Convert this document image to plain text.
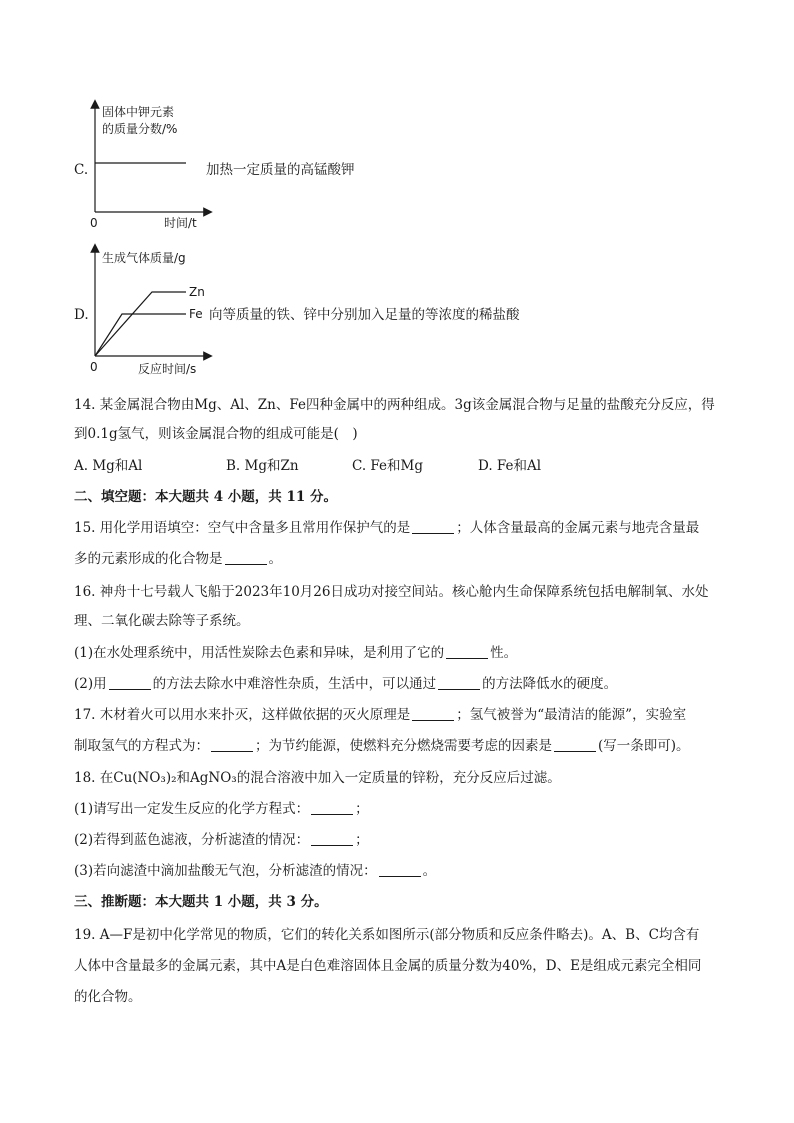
C.
固体中钾元素
的质量分数/%
0	时间/t
加热一定质量的高锰酸钾
D.
生成气体质量/g
Zn
Fe
0	反应时间/s
向等质量的铁、锌中分别加入足量的等浓度的稀盐酸
14. 某金属混合物由Mg、Al、Zn、Fe四种金属中的两种组成。3g该金属混合物与足量的盐酸充分反应，得
到0.1g氢气，则该金属混合物的组成可能是(　)
A. Mg和Al	B. Mg和Zn	C. Fe和Mg	D. Fe和Al
二、填空题：本大题共 4 小题，共 11 分。
15. 用化学用语填空：空气中含量多且常用作保护气的是	；人体含量最高的金属元素与地壳含量最
多的元素形成的化合物是	。
16. 神舟十七号载人飞船于2023年10月26日成功对接空间站。核心舱内生命保障系统包括电解制氧、水处
理、二氧化碳去除等子系统。
(1)在水处理系统中，用活性炭除去色素和异味，是利用了它的	性。
(2)用	的方法去除水中难溶性杂质，生活中，可以通过	的方法降低水的硬度。
17. 木材着火可以用水来扑灭，这样做依据的灭火原理是	；氢气被誉为“最清洁的能源”，实验室
制取氢气的方程式为：	；为节约能源，使燃料充分燃烧需要考虑的因素是	(写一条即可)。
18. 在Cu(NO₃)₂和AgNO₃的混合溶液中加入一定质量的锌粉，充分反应后过滤。
(1)请写出一定发生反应的化学方程式：	；
(2)若得到蓝色滤液，分析滤渣的情况：	；
(3)若向滤渣中滴加盐酸无气泡，分析滤渣的情况：	。
三、推断题：本大题共 1 小题，共 3 分。
19. A—F是初中化学常见的物质，它们的转化关系如图所示(部分物质和反应条件略去)。A、B、C均含有
人体中含量最多的金属元素，其中A是白色难溶固体且金属的质量分数为40%，D、E是组成元素完全相同
的化合物。
